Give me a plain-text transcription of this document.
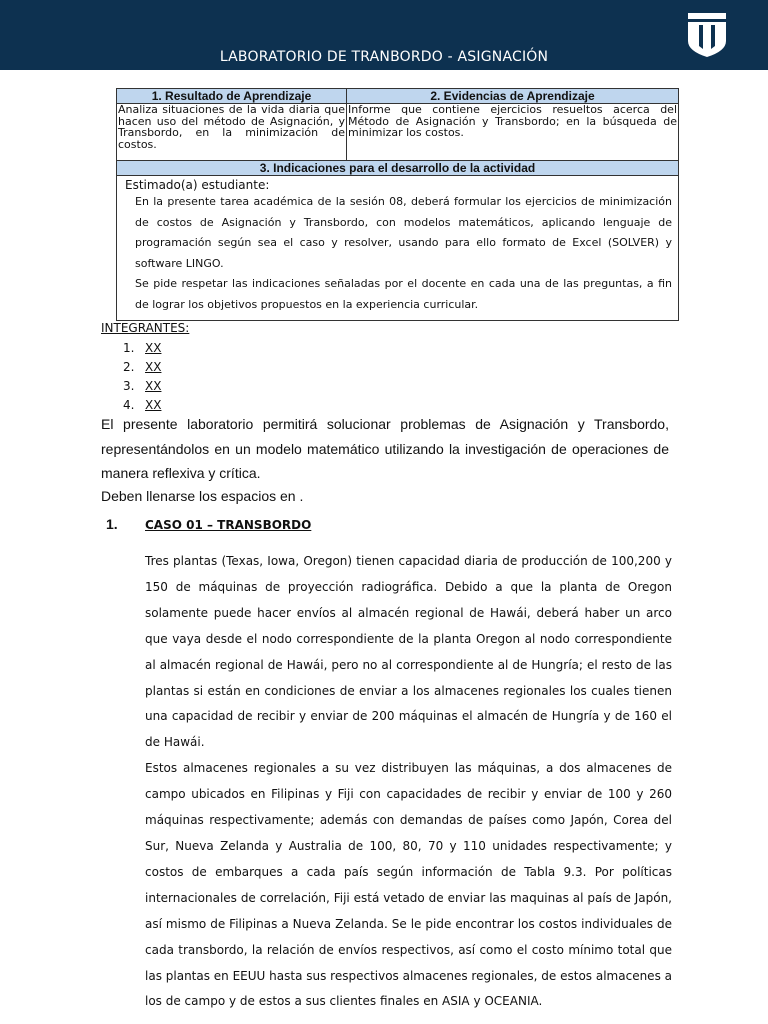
LABORATORIO DE TRANBORDO - ASIGNACIÓN
1. Resultado de Aprendizaje	2. Evidencias de Aprendizaje
Analiza situaciones de la vida diaria que hacen uso del método de Asignación, y Transbordo, en la minimización de costos.	Informe que contiene ejercicios resueltos acerca del Método de Asignación y Transbordo; en la búsqueda de minimizar los costos.
3. Indicaciones para el desarrollo de la actividad	

Estimado(a) estudiante:

En la presente tarea académica de la sesión 08, deberá formular los ejercicios de minimización de costos de Asignación y Transbordo, con modelos matemáticos, aplicando lenguaje de programación según sea el caso y resolver, usando para ello formato de Excel (SOLVER) y software LINGO.

Se pide respetar las indicaciones señaladas por el docente en cada una de las preguntas, a fin de lograr los objetivos propuestos en la experiencia curricular.	

INTEGRANTES:
1. XX
2. XX
3. XX
4. XX

El presente laboratorio permitirá solucionar problemas de Asignación y Transbordo, representándolos en un modelo matemático utilizando la investigación de operaciones de manera reflexiva y crítica.

Deben llenarse los espacios en .

1. CASO 01 – TRANSBORDO

Tres plantas (Texas, Iowa, Oregon) tienen capacidad diaria de producción de 100,200 y 150 de máquinas de proyección radiográfica. Debido a que la planta de Oregon solamente puede hacer envíos al almacén regional de Hawái, deberá haber un arco que vaya desde el nodo correspondiente de la planta Oregon al nodo correspondiente al almacén regional de Hawái, pero no al correspondiente al de Hungría; el resto de las plantas si están en condiciones de enviar a los almacenes regionales los cuales tienen una capacidad de recibir y enviar de 200 máquinas el almacén de Hungría y de 160 el de Hawái.

Estos almacenes regionales a su vez distribuyen las máquinas, a dos almacenes de campo ubicados en Filipinas y Fiji con capacidades de recibir y enviar de 100 y 260 máquinas respectivamente; además con demandas de países como Japón, Corea del Sur, Nueva Zelanda y Australia de 100, 80, 70 y 110 unidades respectivamente; y costos de embarques a cada país según información de Tabla 9.3. Por políticas internacionales de correlación, Fiji está vetado de enviar las maquinas al país de Japón, así mismo de Filipinas a Nueva Zelanda. Se le pide encontrar los costos individuales de cada transbordo, la relación de envíos respectivos, así como el costo mínimo total que las plantas en EEUU hasta sus respectivos almacenes regionales, de estos almacenes a los de campo y de estos a sus clientes finales en ASIA y OCEANIA.
